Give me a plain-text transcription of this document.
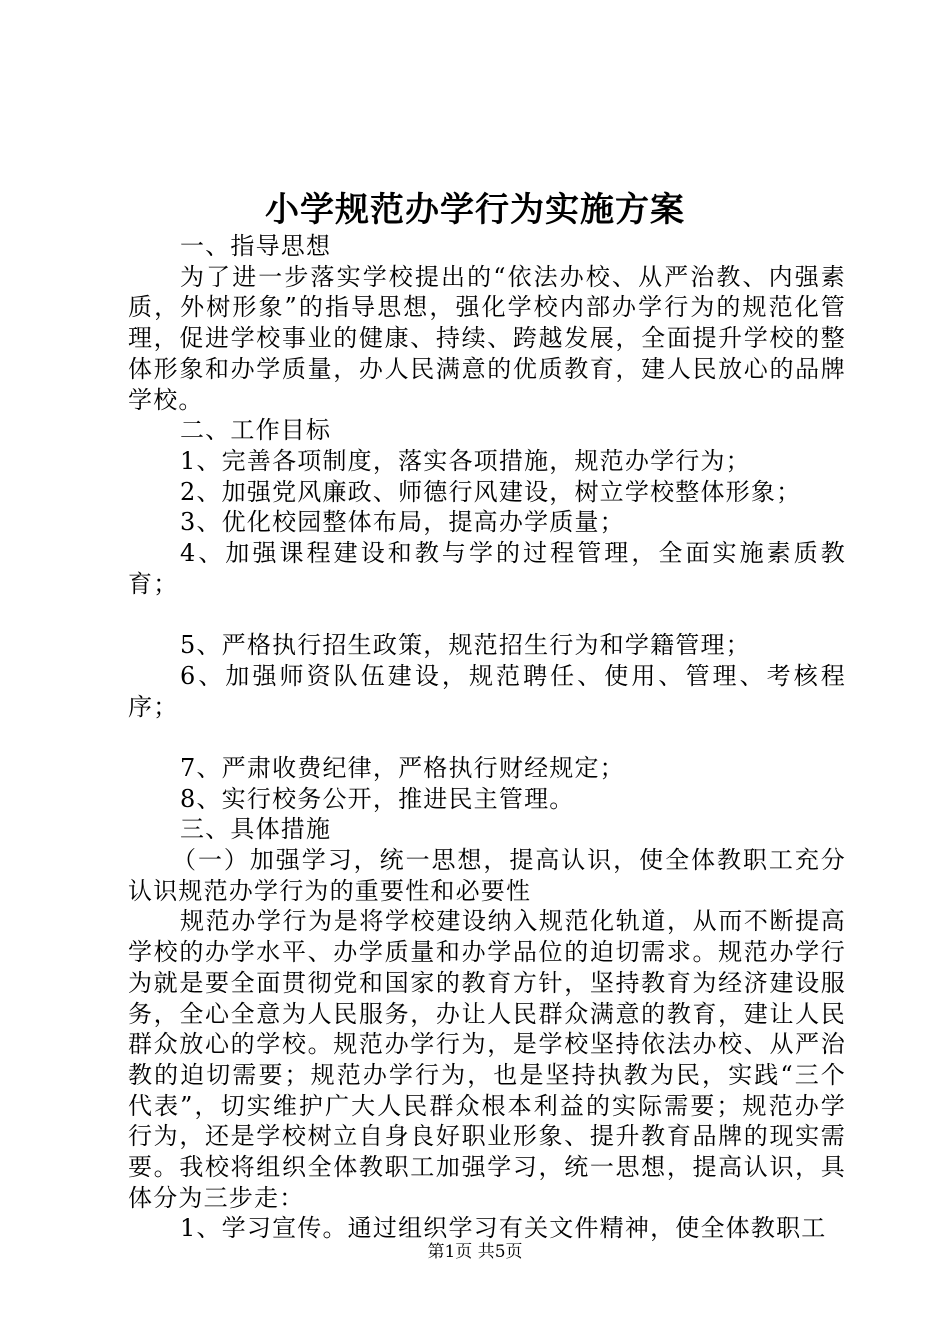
小学规范办学行为实施方案

一、指导思想

为了进一步落实学校提出的“依法办校、从严治教、内强素质，外树形象”的指导思想，强化学校内部办学行为的规范化管理，促进学校事业的健康、持续、跨越发展，全面提升学校的整体形象和办学质量，办人民满意的优质教育，建人民放心的品牌学校。

二、工作目标

1、完善各项制度，落实各项措施，规范办学行为；

2、加强党风廉政、师德行风建设，树立学校整体形象；

3、优化校园整体布局，提高办学质量；

4、加强课程建设和教与学的过程管理，全面实施素质教育；

5、严格执行招生政策，规范招生行为和学籍管理；

6、加强师资队伍建设，规范聘任、使用、管理、考核程序；

7、严肃收费纪律，严格执行财经规定；

8、实行校务公开，推进民主管理。

三、具体措施

（一）加强学习，统一思想，提高认识，使全体教职工充分认识规范办学行为的重要性和必要性

规范办学行为是将学校建设纳入规范化轨道，从而不断提高学校的办学水平、办学质量和办学品位的迫切需求。规范办学行为就是要全面贯彻党和国家的教育方针，坚持教育为经济建设服务，全心全意为人民服务，办让人民群众满意的教育，建让人民群众放心的学校。规范办学行为，是学校坚持依法办校、从严治教的迫切需要；规范办学行为，也是坚持执教为民，实践“三个代表”，切实维护广大人民群众根本利益的实际需要；规范办学行为，还是学校树立自身良好职业形象、提升教育品牌的现实需要。我校将组织全体教职工加强学习，统一思想，提高认识，具体分为三步走：

1、学习宣传。通过组织学习有关文件精神，使全体教职工

第1页 共5页
